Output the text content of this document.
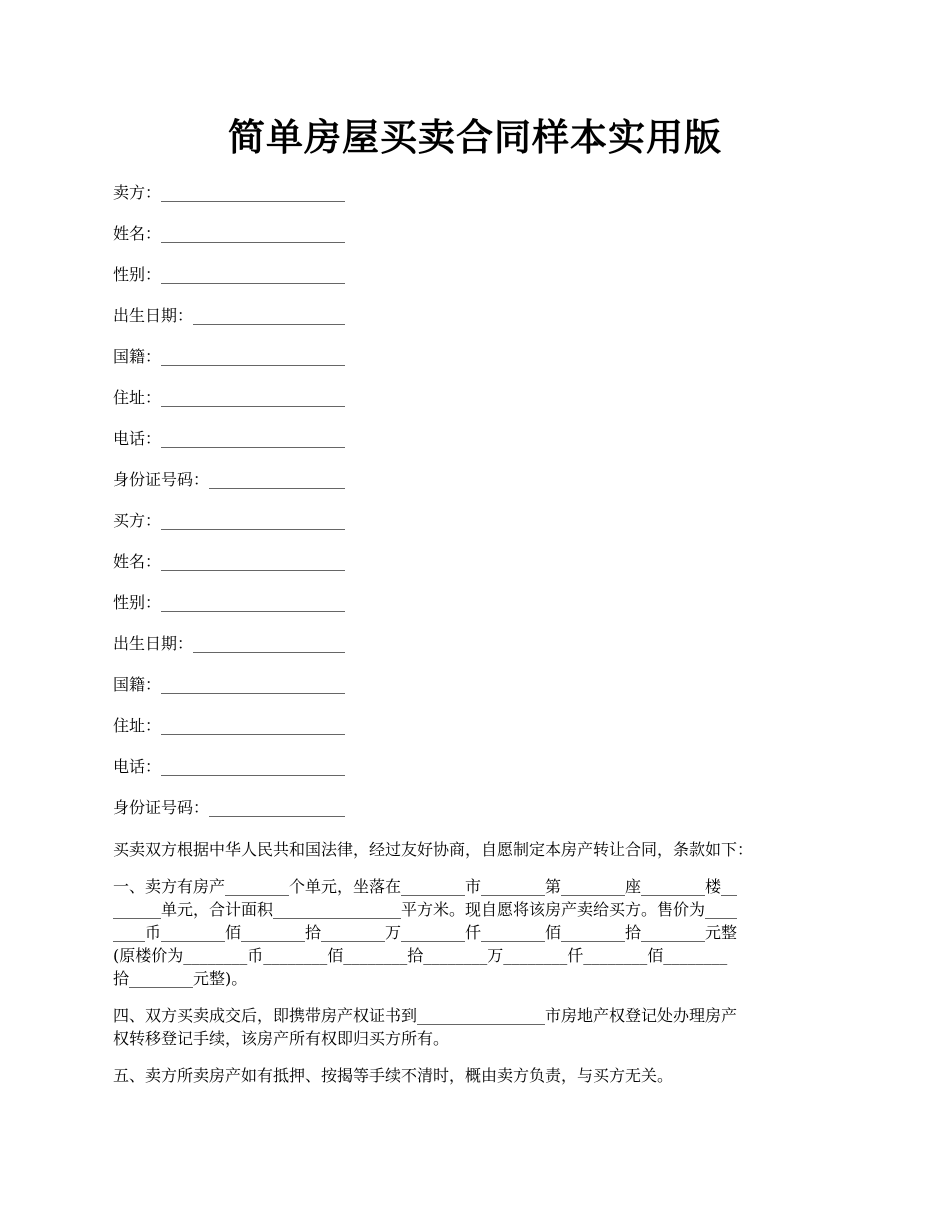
简单房屋买卖合同样本实用版
卖方：_______________________
姓名：_______________________
性别：_______________________
出生日期：___________________
国籍：_______________________
住址：_______________________
电话：_______________________
身份证号码：_________________
买方：_______________________
姓名：_______________________
性别：_______________________
出生日期：___________________
国籍：_______________________
住址：_______________________
电话：_______________________
身份证号码：_________________

买卖双方根据中华人民共和国法律，经过友好协商，自愿制定本房产转让合同，条款如下：

一、卖方有房产________个单元，坐落在________市________第________座________楼__
______单元，合计面积________________平方米。现自愿将该房产卖给买方。售价为____
____币________佰________拾________万________仟________佰________拾________元整
(原楼价为________币________佰________拾________万________仟________佰________
拾________元整)。

四、双方买卖成交后，即携带房产权证书到________________市房地产权登记处办理房产
权转移登记手续，该房产所有权即归买方所有。

五、卖方所卖房产如有抵押、按揭等手续不清时，概由卖方负责，与买方无关。
